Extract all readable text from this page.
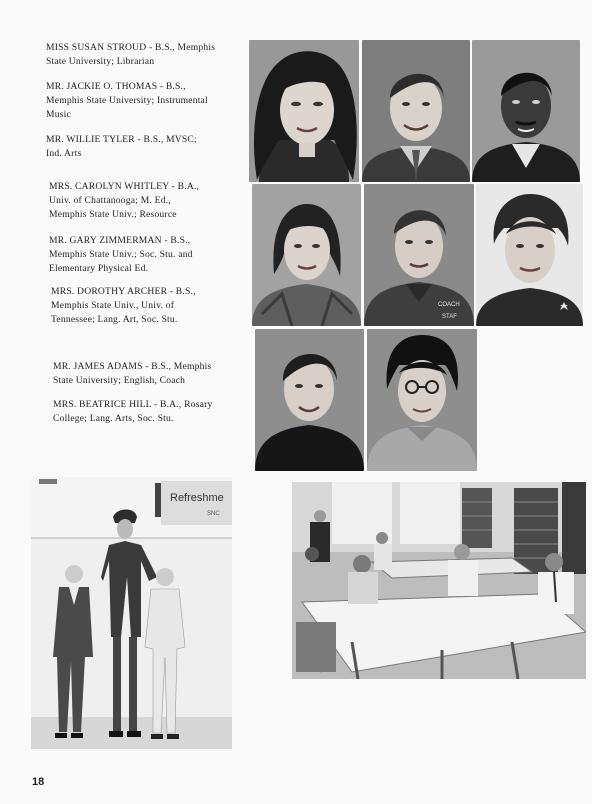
MISS SUSAN STROUD - B.S., Memphis
State University; Librarian
MR. JACKIE O. THOMAS - B.S.,
Memphis State University; Instrumental
Music
MR. WILLIE TYLER - B.S., MVSC;
Ind. Arts
MRS. CAROLYN WHITLEY - B.A.,
Univ. of Chattanooga; M. Ed.,
Memphis State Univ.; Resource
MR. GARY ZIMMERMAN - B.S.,
Memphis State Univ.; Soc. Stu. and
Elementary Physical Ed.
MRS. DOROTHY ARCHER - B.S.,
Memphis State Univ., Univ. of
Tennessee; Lang. Art, Soc. Stu.
MR. JAMES ADAMS - B.S., Memphis
State University; English, Coach
MRS. BEATRICE HILL - B.A., Rosary
College; Lang. Arts, Soc. Stu.
COACH
STAF
Refreshme
SNC
18
